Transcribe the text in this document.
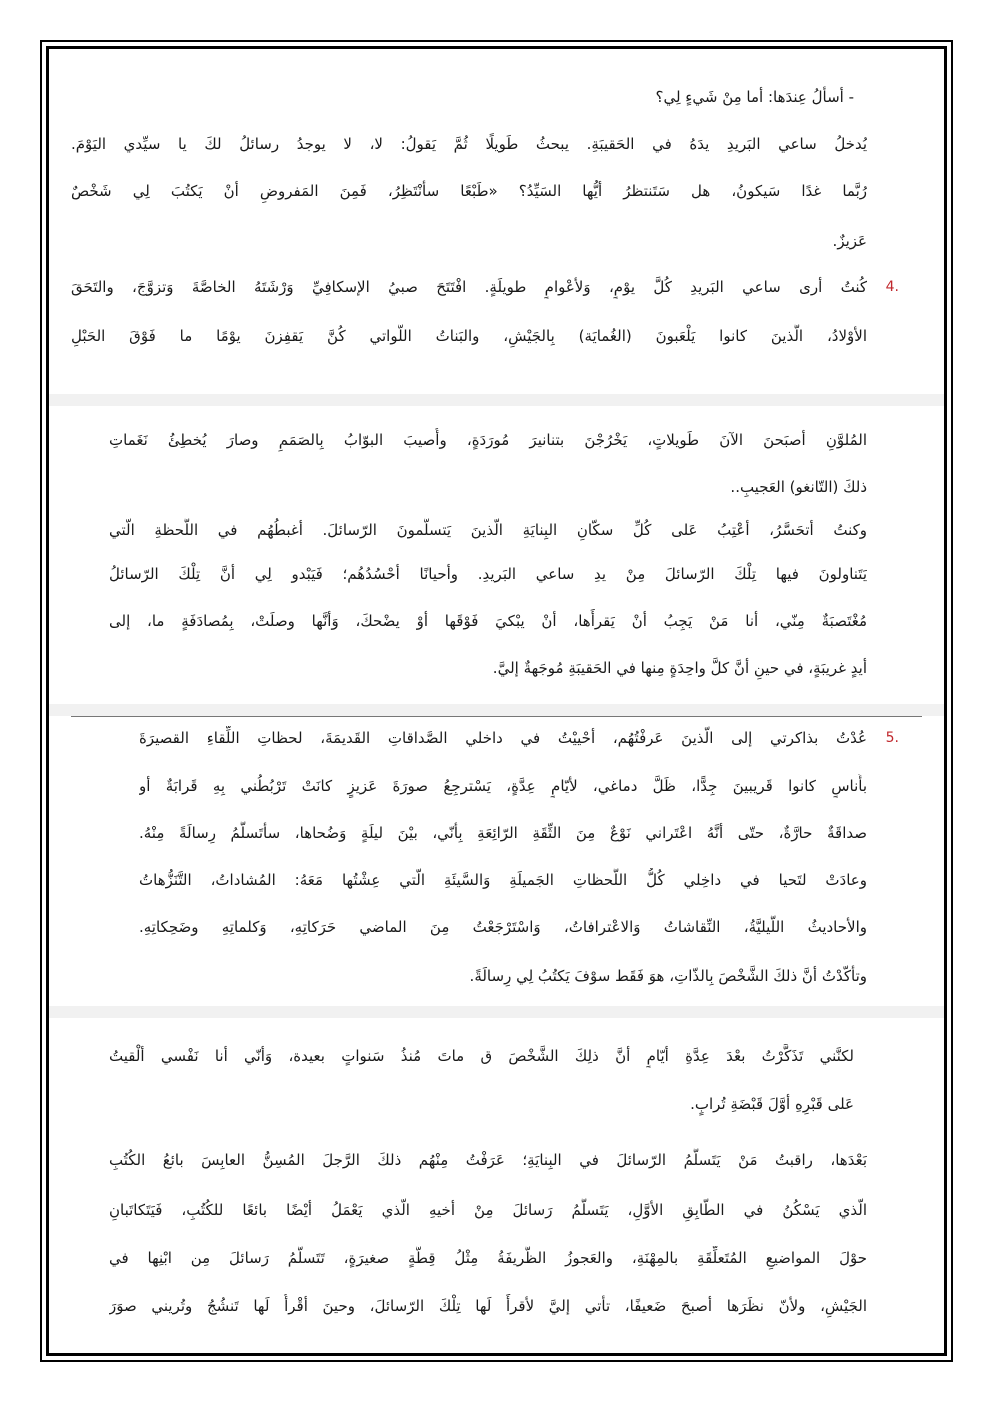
- أسألُ عِندَها: أما مِنْ شَيءٍ لِي؟
يُدخلُ ساعي البَريدِ يدَهُ في الحَقيبَةِ. يبحثُ طَويلًا ثُمَّ يَقولُ: لا، لا يوجدُ رسائلُ لكَ يا سيِّدي اليَوْمَ.
رُبَّما غدًا سَيكونُ، هل سَتَنتظرُ أيُّها السَيِّدُ؟ «طَبْعًا سأنْتَظِرُ، فَمِنَ المَفروضِ أنْ يَكتُبَ لِي شَخْصٌ
عَزيزٌ.
4.
كُنتُ أرى ساعي البَريدِ كُلَّ يوْمٍ، وَلأعْوامٍ طويلَةٍ. افْتَتَحَ صبيُ الإسكافِيِّ وَرْشَتَهُ الخاصَّةَ وَتزوَّجَ، والتَحَقَ
الأوْلادُ، الَّذينَ كانوا يَلْعَبونَ (الغُمايَة) بِالجَيْشِ، والبَناتُ اللَّواتي كُنَّ يَقفِزنَ يوْمًا ما فَوْقَ الحَبْلِ
المُلوَّنِ أصبَحنَ الآنَ طَويلاتٍ، يَخْرُجْنَ بتنانيرَ مُورَدَةٍ، وأُصيبَ البوّابُ بِالصَمَمِ وصارَ يُخطِئُ نَغَماتِ
ذلكَ (التّانغو) العَجيبِ..
وكنتُ أتحَسَّرُ، أعْتِبُ عَلى كُلِّ سكّانِ البِنايَةِ الّذينَ يَتسلَّمونَ الرّسائلَ. أغبطُهُم في اللَّحظةِ الّتي
يَتَناولونَ فيها تِلْكَ الرّسائلَ مِنْ يدِ ساعي البَريدِ. وأحيانًا أحْسُدُهُم؛ فَيَبْدو لِي أنَّ تِلْكَ الرّسائلُ
مُغْتَصبَةٌ مِنّي، أنا مَنْ يَجِبُ أنْ يَقرأَها، أنْ يبْكيَ فَوْقَها أوْ يضْحكَ، وَأنَّها وصلَتْ، بِمُصادَفَةٍ ما، إلى
أيدٍ غريبَةٍ، في حينِ أنَّ كلَّ واحِدَةٍ مِنها في الحَقيبَةِ مُوجَهةٌ إليَّ.
5.
عُدْتُ بذاكرتي إلى الّذينَ عَرفْتُهُم، أحْييْتُ في داخلي الصَّداقاتِ القَديمَةَ، لحظاتِ اللِّقاءِ القصيرَةَ
بأُناسٍ كانوا قَريبينَ جِدًّا، ظَلَّ دماغي، لأيّامٍ عِدَّةٍ، يَسْترجِعُ صورَةَ عَزيزٍ كانَتْ تَرْبُطُني بِهِ قَرابَةٌ أو
صداقَةٌ حارَّةٌ، حتّى أنَّهُ اعْتَراني نَوْعٌ مِنَ الثِّقَةِ الرّائِعَةِ بِأنّي، بيْنَ ليلَةٍ وَضُحاها، سأتَسلَّمُ رِسالَةً مِنْهُ.
وعادَتْ لتَحيا في داخِلي كُلُّ اللَّحظاتِ الجَميلَةِ وَالسَّيئَةِ الّتي عِشْتُها مَعَهُ: المُشاداتُ، التَّنَزُّهاتُ
والأحاديثُ اللَّيليَّةُ، النِّقاشاتُ وَالاعْترافاتُ، وَاسْتَرْجَعْتُ مِنَ الماضي حَرَكاتِهِ، وَكلماتِهِ وضَحِكاتِهِ.
وتأكّدْتُ أنَّ ذلكَ الشَّخْصَ بِالذّاتِ، هوَ فَقَط سوْفَ يَكتُبُ لِي رِسالَةً.
لكنَّني تَذَكَّرْتُ بعْدَ عِدَّةِ أيّامٍ أنَّ ذلِكَ الشَّخْصَ ق ماتَ مُنذُ سَنواتٍ بعيدة، وَأنّي أنا نَفْسي ألْقيتُ
عَلى قَبْرِهِ أوَّلَ قَبْضَةِ تُرابٍ.
بَعْدَها، راقبتُ مَنْ يَتَسلَّمُ الرّسائلَ في البِنايَةِ؛ عَرَفْتُ مِنْهُم ذلكَ الرَّجلَ المُسِنُّ العابِسَ بائعُ الكُتُبِ
الّذي يَسْكُنُ في الطّابِقِ الأوَّلِ، يَتَسلَّمُ رَسائلَ مِنْ أخيهِ الّذي يَعْمَلُ أيْضًا بائعًا للكُتُبِ، فَيَتَكاتَبانِ
حوْلَ المواضيعِ المُتَعلِّقَةِ بالمِهْنَةِ، والعَجوزُ الظَّريفَةُ مِثْلُ قِطَّةٍ صغيرَةٍ، تَتَسلَّمُ رَسائلَ مِن ابْنِها في
الجَيْشِ، ولأنّ نظَرَها أصبحَ ضَعيفًا، تأتي إليَّ لأقرأَ لَها تِلْكَ الرّسائلَ، وحينَ أقْرأُ لَها تَنشُجُ وتُريني صوَرَ
